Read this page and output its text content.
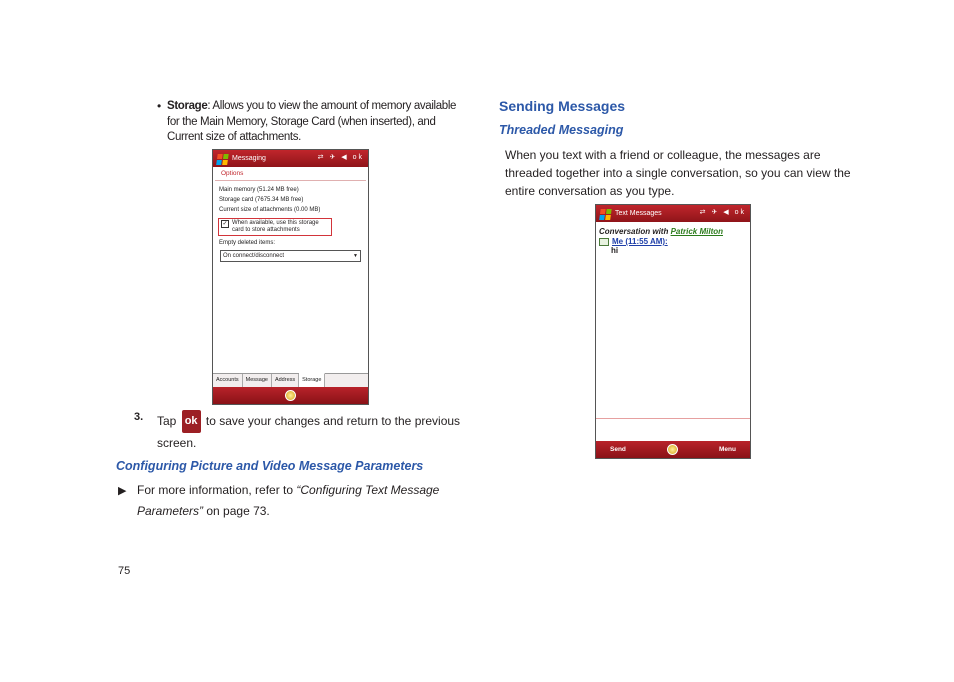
• Storage: Allows you to view the amount of memory available for the Main Memory, Storage Card (when inserted), and Current size of attachments.
Messaging	⇄ ✈ ◀ ok
Options
Main memory (51.24 MB free)
Storage card (7675.34 MB free)
Current size of attachments (0.00 MB)
✓ When available, use this storage card to store attachments
Empty deleted items:
On connect/disconnect	▼
Accounts	Message	Address	Storage
3. Tap ok to save your changes and return to the previous screen.
Configuring Picture and Video Message Parameters
▶ For more information, refer to “Configuring Text Message Parameters” on page 73.
75
Sending Messages
Threaded Messaging
When you text with a friend or colleague, the messages are threaded together into a single conversation, so you can view the entire conversation as you type.
Text Messages	⇄ ✈ ◀ ok
Conversation with Patrick Milton
Me (11:55 AM):
hi
Send	Menu
